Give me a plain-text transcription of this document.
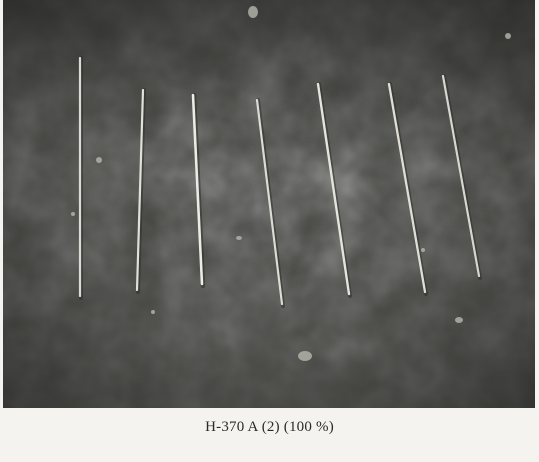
H-370 A (2) (100 %)
